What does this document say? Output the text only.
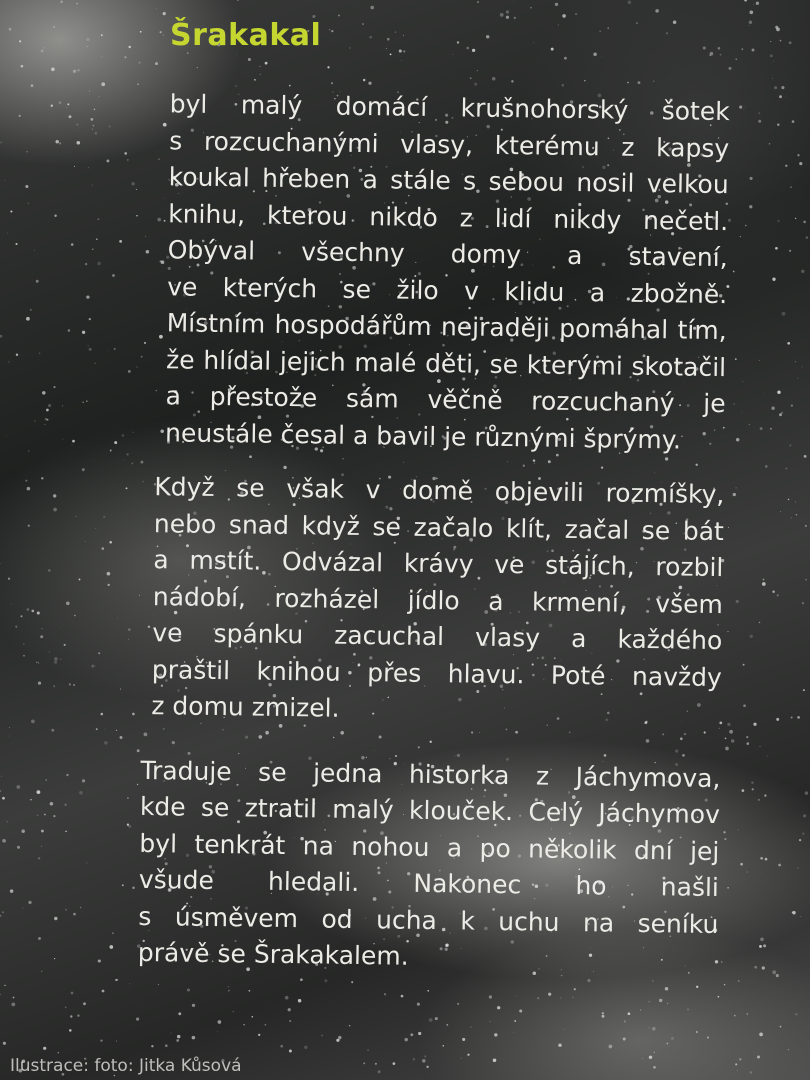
Šrakakal
byl malý domácí krušnohorský šotek
s rozcuchanými vlasy, kterému z kapsy
koukal hřeben a stále s sebou nosil velkou
knihu, kterou nikdo z lidí nikdy nečetl.
Obýval všechny domy a stavení,
ve kterých se žilo v klidu a zbožně.
Místním hospodářům nejraději pomáhal tím,
že hlídal jejich malé děti, se kterými skotačil
a přestože sám věčně rozcuchaný je
neustále česal a bavil je různými šprýmy.
Když se však v domě objevili rozmíšky,
nebo snad když se začalo klít, začal se bát
a mstít. Odvázal krávy ve stájích, rozbil
nádobí, rozházel jídlo a krmení, všem
ve spánku zacuchal vlasy a každého
praštil knihou přes hlavu. Poté navždy
z domu zmizel.
Traduje se jedna historka z Jáchymova,
kde se ztratil malý klouček. Celý Jáchymov
byl tenkrát na nohou a po několik dní jej
všude hledali. Nakonec ho našli
s úsměvem od ucha k uchu na seníku
právě se Šrakakalem.
Ilustrace: foto: Jitka Kůsová
